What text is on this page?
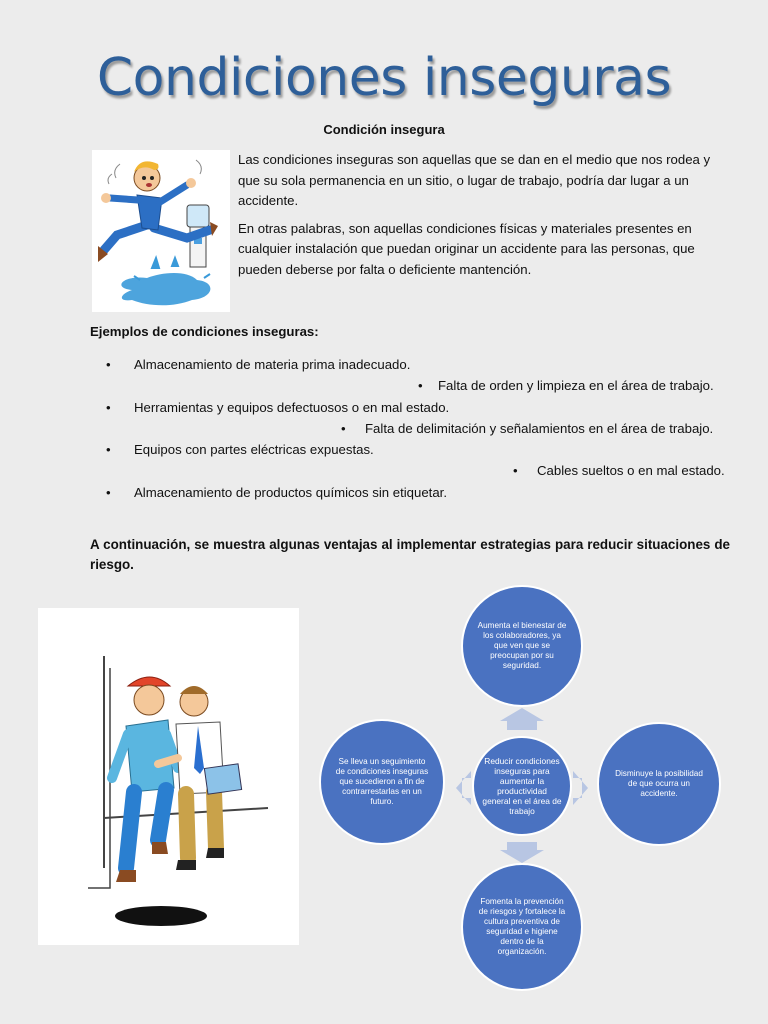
Condiciones inseguras
Condición insegura

Las condiciones inseguras son aquellas que se dan en el medio que nos rodea y que su sola permanencia en un sitio, o lugar de trabajo, podría dar lugar a un accidente.

En otras palabras, son aquellas condiciones físicas y materiales presentes en cualquier instalación que puedan originar un accidente para las personas, que pueden deberse por falta o deficiente mantención.

Ejemplos de condiciones inseguras:
• Almacenamiento de materia prima inadecuado.
• Falta de orden y limpieza en el área de trabajo.
• Herramientas y equipos defectuosos o en mal estado.
• Falta de delimitación y señalamientos en el área de trabajo.
• Equipos con partes eléctricas expuestas.
• Cables sueltos o en mal estado.
• Almacenamiento de productos químicos sin etiquetar.
A continuación, se muestra algunas ventajas al implementar estrategias para reducir situaciones de riesgo.
Aumenta el bienestar de los colaboradores, ya que ven que se preocupan por su seguridad.
Disminuye la posibilidad de que ocurra un accidente.
Fomenta la prevención de riesgos y fortalece la cultura preventiva de seguridad e higiene dentro de la organización.
Se lleva un seguimiento de condiciones inseguras que sucedieron a fin de contrarrestarlas en un futuro.
Reducir condiciones inseguras para aumentar la productividad general en el área de trabajo
